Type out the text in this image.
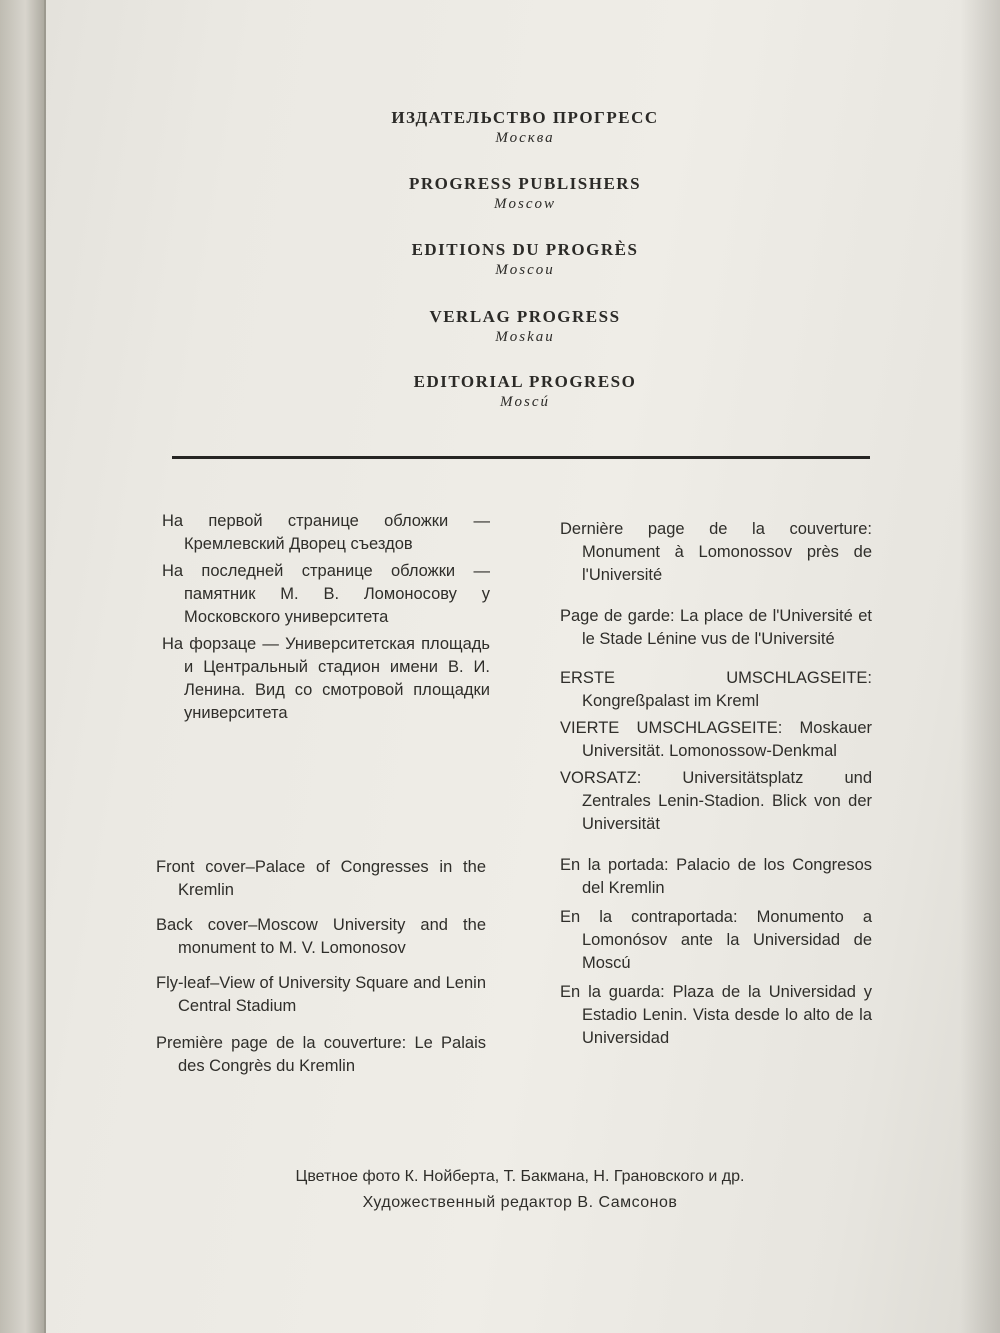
ИЗДАТЕЛЬСТВО ПРОГРЕСС
Москва
PROGRESS PUBLISHERS
Moscow
EDITIONS DU PROGRÈS
Moscou
VERLAG PROGRESS
Moskau
EDITORIAL PROGRESO
Moscú

На первой странице обложки — Кремлевский Дворец съездов

На последней странице обложки — памятник М. В. Ломоносову у Московского университета

На форзаце — Университетская площадь и Центральный стадион имени В. И. Ленина. Вид со смотровой площадки университета

Front cover–Palace of Congresses in the Kremlin

Back cover–Moscow University and the monument to M. V. Lomonosov

Fly-leaf–View of University Square and Lenin Central Stadium

Première page de la couverture: Le Palais des Congrès du Kremlin

Dernière page de la couverture: Monument à Lomonossov près de l'Université

Page de garde: La place de l'Université et le Stade Lénine vus de l'Université

ERSTE UMSCHLAGSEITE: Kongreßpalast im Kreml

VIERTE UMSCHLAGSEITE: Moskauer Universität. Lomonossow-Denkmal

VORSATZ: Universitätsplatz und Zentrales Lenin-Stadion. Blick von der Universität

En la portada: Palacio de los Congresos del Kremlin

En la contraportada: Monumento a Lomonósov ante la Universidad de Moscú

En la guarda: Plaza de la Universidad y Estadio Lenin. Vista desde lo alto de la Universidad

Цветное фото К. Нойберта, Т. Бакмана, Н. Грановского и др.
Художественный редактор В. Самсонов
